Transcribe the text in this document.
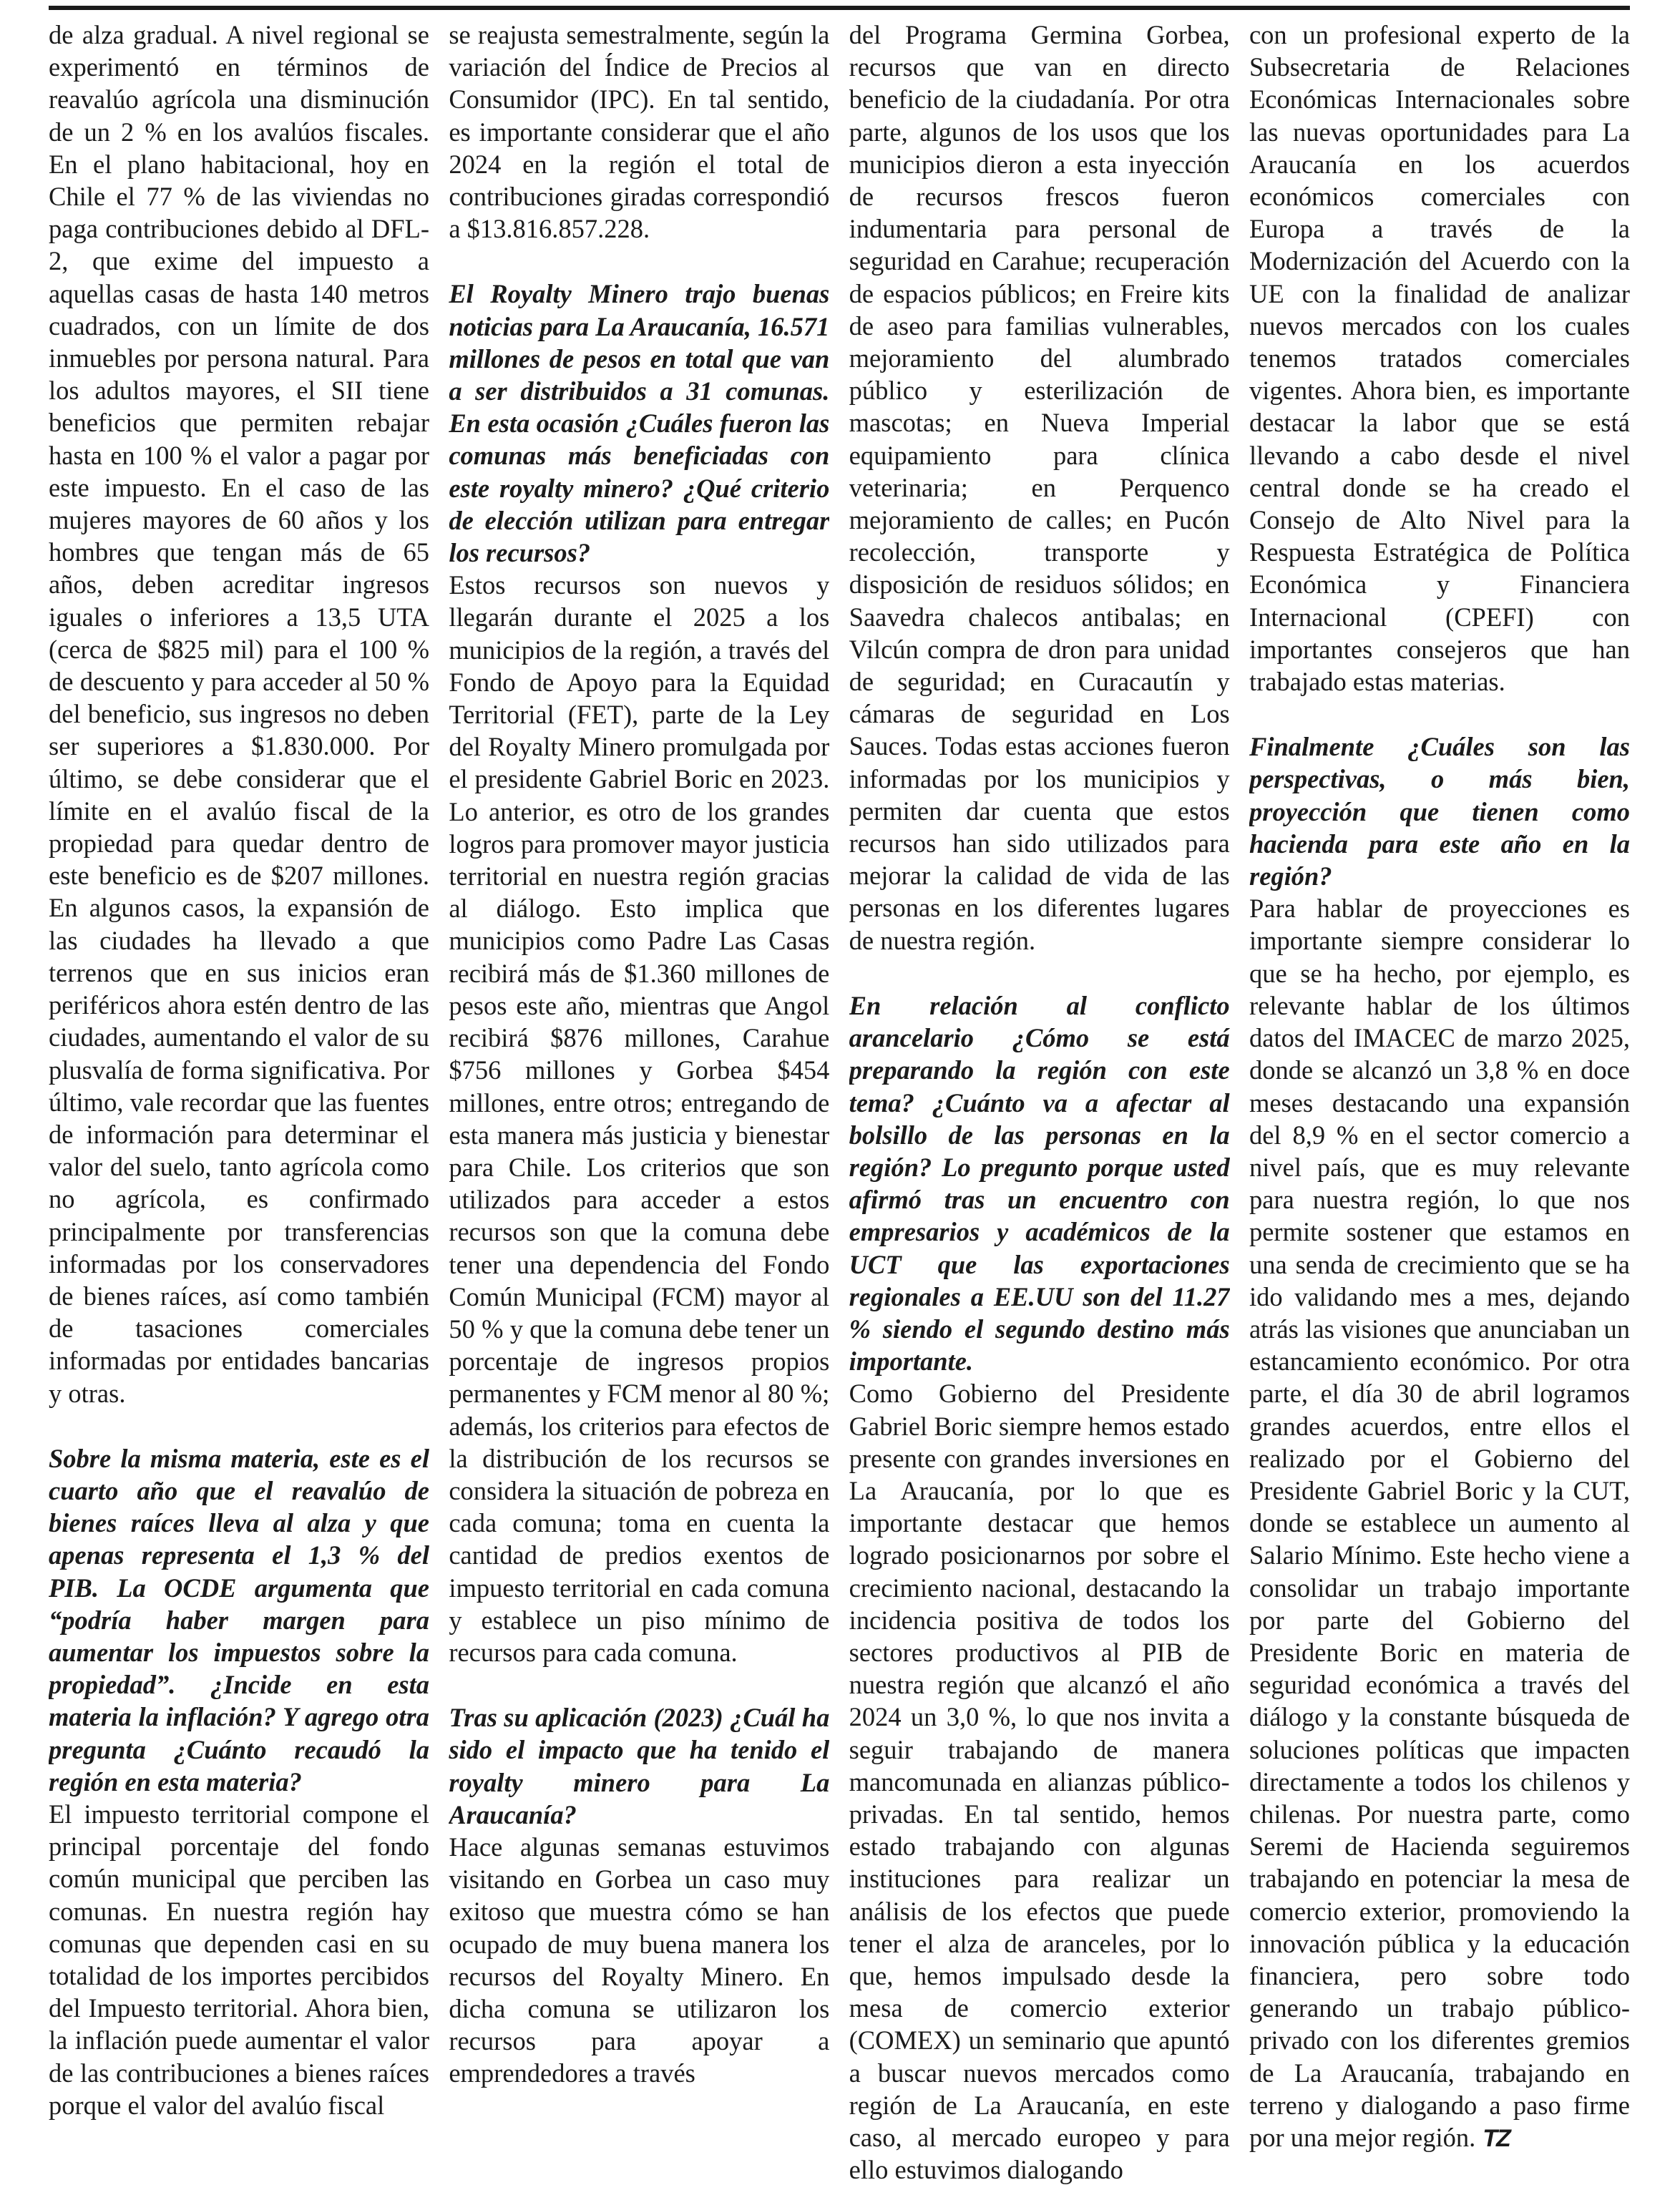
de alza gradual. A nivel regional se experimentó en términos de reavalúo agrícola una disminución de un 2 % en los avalúos fiscales. En el plano habitacional, hoy en Chile el 77 % de las viviendas no paga contribuciones debido al DFL-2, que exime del impuesto a aquellas casas de hasta 140 metros cuadrados, con un límite de dos inmuebles por persona natural. Para los adultos mayores, el SII tiene beneficios que permiten rebajar hasta en 100 % el valor a pagar por este impuesto. En el caso de las mujeres mayores de 60 años y los hombres que tengan más de 65 años, deben acreditar ingresos iguales o inferiores a 13,5 UTA (cerca de $825 mil) para el 100 % de descuento y para acceder al 50 % del beneficio, sus ingresos no deben ser superiores a $1.830.000. Por último, se debe considerar que el límite en el avalúo fiscal de la propiedad para quedar dentro de este beneficio es de $207 millones. En algunos casos, la expansión de las ciudades ha llevado a que terrenos que en sus inicios eran periféricos ahora estén dentro de las ciudades, aumentando el valor de su plusvalía de forma significativa. Por último, vale recordar que las fuentes de información para determinar el valor del suelo, tanto agrícola como no agrícola, es confirmado principalmente por transferencias informadas por los conservadores de bienes raíces, así como también de tasaciones comerciales informadas por entidades bancarias y otras.

Sobre la misma materia, este es el cuarto año que el reavalúo de bienes raíces lleva al alza y que apenas representa el 1,3 % del PIB. La OCDE argumenta que “podría haber margen para aumentar los impuestos sobre la propiedad”. ¿Incide en esta materia la inflación? Y agrego otra pregunta ¿Cuánto recaudó la región en esta materia?

El impuesto territorial compone el principal porcentaje del fondo común municipal que perciben las comunas. En nuestra región hay comunas que dependen casi en su totalidad de los importes percibidos del Impuesto territorial. Ahora bien, la inflación puede aumentar el valor de las contribuciones a bienes raíces porque el valor del avalúo fiscal

se reajusta semestralmente, según la variación del Índice de Precios al Consumidor (IPC). En tal sentido, es importante considerar que el año 2024 en la región el total de contribuciones giradas correspondió a $13.816.857.228.

El Royalty Minero trajo buenas noticias para La Araucanía, 16.571 millones de pesos en total que van a ser distribuidos a 31 comunas. En esta ocasión ¿Cuáles fueron las comunas más beneficiadas con este royalty minero? ¿Qué criterio de elección utilizan para entregar los recursos?

Estos recursos son nuevos y llegarán durante el 2025 a los municipios de la región, a través del Fondo de Apoyo para la Equidad Territorial (FET), parte de la Ley del Royalty Minero promulgada por el presidente Gabriel Boric en 2023. Lo anterior, es otro de los grandes logros para promover mayor justicia territorial en nuestra región gracias al diálogo. Esto implica que municipios como Padre Las Casas recibirá más de $1.360 millones de pesos este año, mientras que Angol recibirá $876 millones, Carahue $756 millones y Gorbea $454 millones, entre otros; entregando de esta manera más justicia y bienestar para Chile. Los criterios que son utilizados para acceder a estos recursos son que la comuna debe tener una dependencia del Fondo Común Municipal (FCM) mayor al 50 % y que la comuna debe tener un porcentaje de ingresos propios permanentes y FCM menor al 80 %; además, los criterios para efectos de la distribución de los recursos se considera la situación de pobreza en cada comuna; toma en cuenta la cantidad de predios exentos de impuesto territorial en cada comuna y establece un piso mínimo de recursos para cada comuna.

Tras su aplicación (2023) ¿Cuál ha sido el impacto que ha tenido el royalty minero para La Araucanía?

Hace algunas semanas estuvimos visitando en Gorbea un caso muy exitoso que muestra cómo se han ocupado de muy buena manera los recursos del Royalty Minero. En dicha comuna se utilizaron los recursos para apoyar a emprendedores a través

del Programa Germina Gorbea, recursos que van en directo beneficio de la ciudadanía. Por otra parte, algunos de los usos que los municipios dieron a esta inyección de recursos frescos fueron indumentaria para personal de seguridad en Carahue; recuperación de espacios públicos; en Freire kits de aseo para familias vulnerables, mejoramiento del alumbrado público y esterilización de mascotas; en Nueva Imperial equipamiento para clínica veterinaria; en Perquenco mejoramiento de calles; en Pucón recolección, transporte y disposición de residuos sólidos; en Saavedra chalecos antibalas; en Vilcún compra de dron para unidad de seguridad; en Curacautín y cámaras de seguridad en Los Sauces. Todas estas acciones fueron informadas por los municipios y permiten dar cuenta que estos recursos han sido utilizados para mejorar la calidad de vida de las personas en los diferentes lugares de nuestra región.

En relación al conflicto arancelario ¿Cómo se está preparando la región con este tema? ¿Cuánto va a afectar al bolsillo de las personas en la región? Lo pregunto porque usted afirmó tras un encuentro con empresarios y académicos de la UCT que las exportaciones regionales a EE.UU son del 11.27 % siendo el segundo destino más importante.

Como Gobierno del Presidente Gabriel Boric siempre hemos estado presente con grandes inversiones en La Araucanía, por lo que es importante destacar que hemos logrado posicionarnos por sobre el crecimiento nacional, destacando la incidencia positiva de todos los sectores productivos al PIB de nuestra región que alcanzó el año 2024 un 3,0 %, lo que nos invita a seguir trabajando de manera mancomunada en alianzas público-privadas. En tal sentido, hemos estado trabajando con algunas instituciones para realizar un análisis de los efectos que puede tener el alza de aranceles, por lo que, hemos impulsado desde la mesa de comercio exterior (COMEX) un seminario que apuntó a buscar nuevos mercados como región de La Araucanía, en este caso, al mercado europeo y para ello estuvimos dialogando

con un profesional experto de la Subsecretaria de Relaciones Económicas Internacionales sobre las nuevas oportunidades para La Araucanía en los acuerdos económicos comerciales con Europa a través de la Modernización del Acuerdo con la UE con la finalidad de analizar nuevos mercados con los cuales tenemos tratados comerciales vigentes. Ahora bien, es importante destacar la labor que se está llevando a cabo desde el nivel central donde se ha creado el Consejo de Alto Nivel para la Respuesta Estratégica de Política Económica y Financiera Internacional (CPEFI) con importantes consejeros que han trabajado estas materias.

Finalmente ¿Cuáles son las perspectivas, o más bien, proyección que tienen como hacienda para este año en la región?

Para hablar de proyecciones es importante siempre considerar lo que se ha hecho, por ejemplo, es relevante hablar de los últimos datos del IMACEC de marzo 2025, donde se alcanzó un 3,8 % en doce meses destacando una expansión del 8,9 % en el sector comercio a nivel país, que es muy relevante para nuestra región, lo que nos permite sostener que estamos en una senda de crecimiento que se ha ido validando mes a mes, dejando atrás las visiones que anunciaban un estancamiento económico. Por otra parte, el día 30 de abril logramos grandes acuerdos, entre ellos el realizado por el Gobierno del Presidente Gabriel Boric y la CUT, donde se establece un aumento al Salario Mínimo. Este hecho viene a consolidar un trabajo importante por parte del Gobierno del Presidente Boric en materia de seguridad económica a través del diálogo y la constante búsqueda de soluciones políticas que impacten directamente a todos los chilenos y chilenas. Por nuestra parte, como Seremi de Hacienda seguiremos trabajando en potenciar la mesa de comercio exterior, promoviendo la innovación pública y la educación financiera, pero sobre todo generando un trabajo público-privado con los diferentes gremios de La Araucanía, trabajando en terreno y dialogando a paso firme por una mejor región. TZ
